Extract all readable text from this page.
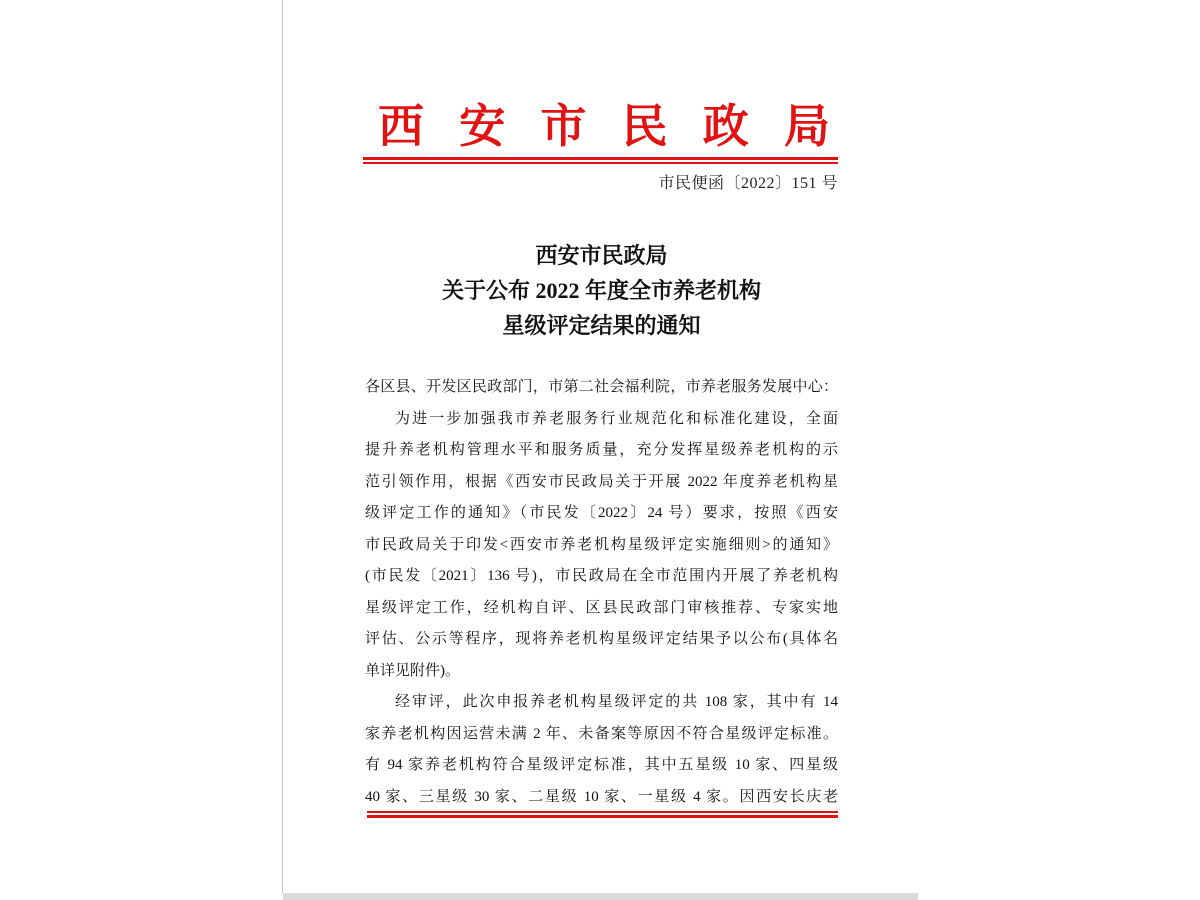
西 安 市 民 政 局
市民便函〔2022〕151 号
西安市民政局
关于公布 2022 年度全市养老机构
星级评定结果的通知
各区县、开发区民政部门，市第二社会福利院，市养老服务发展中心：
为进一步加强我市养老服务行业规范化和标准化建设，全面
提升养老机构管理水平和服务质量，充分发挥星级养老机构的示
范引领作用，根据《西安市民政局关于开展 2022 年度养老机构星
级评定工作的通知》（市民发〔2022〕24 号）要求，按照《西安
市民政局关于印发<西安市养老机构星级评定实施细则>的通知》
(市民发〔2021〕136 号)，市民政局在全市范围内开展了养老机构
星级评定工作，经机构自评、区县民政部门审核推荐、专家实地
评估、公示等程序，现将养老机构星级评定结果予以公布(具体名
单详见附件)。
经审评，此次申报养老机构星级评定的共 108 家，其中有 14
家养老机构因运营未满 2 年、未备案等原因不符合星级评定标准。
有 94 家养老机构符合星级评定标准，其中五星级 10 家、四星级
40 家、三星级 30 家、二星级 10 家、一星级 4 家。因西安长庆老
